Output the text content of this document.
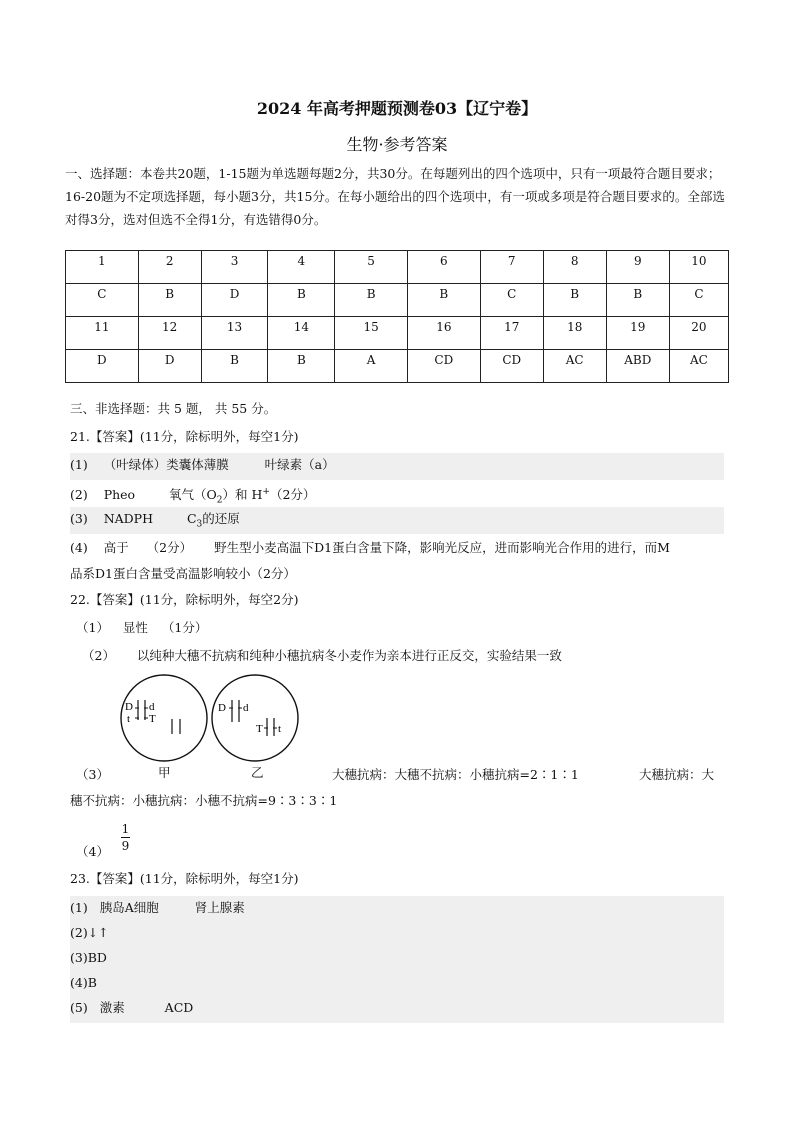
2024 年高考押题预测卷03【辽宁卷】
生物·参考答案
一、选择题：本卷共20题，1-15题为单选题每题2分，共30分。在每题列出的四个选项中，只有一项最符合题目要求；16-20题为不定项选择题，每小题3分，共15分。在每小题给出的四个选项中，有一项或多项是符合题目要求的。全部选对得3分，选对但选不全得1分，有选错得0分。
1	2	3	4	5	6	7	8	9	10
C	B	D	B	B	B	C	B	B	C
11	12	13	14	15	16	17	18	19	20
D	D	B	B	A	CD	CD	AC	ABD	AC
三、非选择题：共 5 题， 共 55 分。
21.【答案】(11分，除标明外，每空1分)
(1) （叶绿体）类囊体薄膜	叶绿素（a）
(2) Pheo	氧气$(O_2)$和 H+（2分）
(3) NADPH	$C_3$的还原
(4) 高于 （2分） 野生型小麦高温下D1蛋白含量下降，影响光反应，进而影响光合作用的进行，而M
品系D1蛋白含量受高温影响较小（2分）
22.【答案】(11分，除标明外，每空2分)
（1） 显性 （1分）
（2） 以纯种大穗不抗病和纯种小穗抗病冬小麦作为亲本进行正反交，实验结果一致
D d
t T
D d
T t
（3）	甲	乙	大穗抗病：大穗不抗病：小穗抗病=2∶1∶1	大穗抗病：大
穗不抗病：小穗抗病：小穗不抗病=9∶3∶3∶1
$(4) \frac{1}{9}$
23.【答案】(11分，除标明外，每空1分)
(1) 胰岛A细胞	肾上腺素
(2)↓↑
(3)BD
(4)B
(5) 激素	ACD
